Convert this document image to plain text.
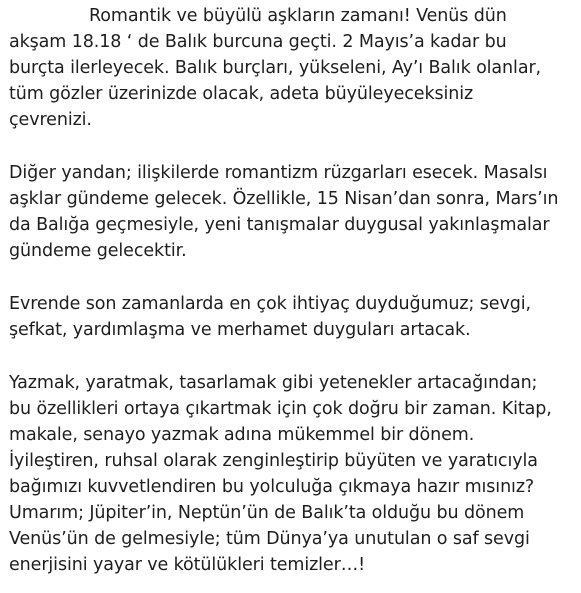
Romantik ve büyülü aşkların zamanı! Venüs dün
akşam 18.18 ‘ de Balık burcuna geçti. 2 Mayıs’a kadar bu
burçta ilerleyecek. Balık burçları, yükseleni, Ay’ı Balık olanlar,
tüm gözler üzerinizde olacak, adeta büyüleyeceksiniz
çevrenizi.

Diğer yandan; ilişkilerde romantizm rüzgarları esecek. Masalsı
aşklar gündeme gelecek. Özellikle, 15 Nisan’dan sonra, Mars’ın
da Balığa geçmesiyle, yeni tanışmalar duygusal yakınlaşmalar
gündeme gelecektir.

Evrende son zamanlarda en çok ihtiyaç duyduğumuz; sevgi,
şefkat, yardımlaşma ve merhamet duyguları artacak.

Yazmak, yaratmak, tasarlamak gibi yetenekler artacağından;
bu özellikleri ortaya çıkartmak için çok doğru bir zaman. Kitap,
makale, senayo yazmak adına mükemmel bir dönem.
İyileştiren, ruhsal olarak zenginleştirip büyüten ve yaratıcıyla
bağımızı kuvvetlendiren bu yolculuğa çıkmaya hazır mısınız?
Umarım; Jüpiter’in, Neptün’ün de Balık’ta olduğu bu dönem
Venüs’ün de gelmesiyle; tüm Dünya’ya unutulan o saf sevgi
enerjisini yayar ve kötülükleri temizler…!
